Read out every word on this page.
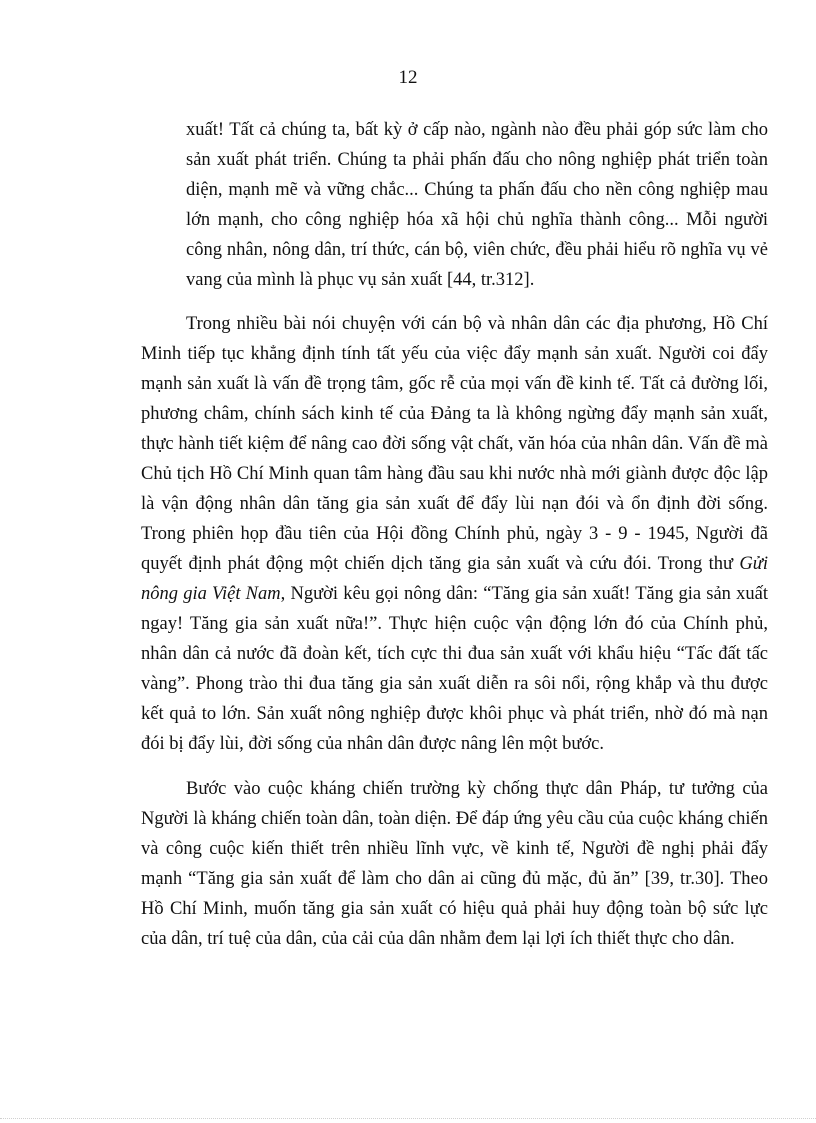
12

xuất! Tất cả chúng ta, bất kỳ ở cấp nào, ngành nào đều phải góp sức làm cho sản xuất phát triển. Chúng ta phải phấn đấu cho nông nghiệp phát triển toàn diện, mạnh mẽ và vững chắc... Chúng ta phấn đấu cho nền công nghiệp mau lớn mạnh, cho công nghiệp hóa xã hội chủ nghĩa thành công... Mỗi người công nhân, nông dân, trí thức, cán bộ, viên chức, đều phải hiểu rõ nghĩa vụ vẻ vang của mình là phục vụ sản xuất [44, tr.312].

Trong nhiều bài nói chuyện với cán bộ và nhân dân các địa phương, Hồ Chí Minh tiếp tục khẳng định tính tất yếu của việc đẩy mạnh sản xuất. Người coi đẩy mạnh sản xuất là vấn đề trọng tâm, gốc rễ của mọi vấn đề kinh tế. Tất cả đường lối, phương châm, chính sách kinh tế của Đảng ta là không ngừng đẩy mạnh sản xuất, thực hành tiết kiệm để nâng cao đời sống vật chất, văn hóa của nhân dân. Vấn đề mà Chủ tịch Hồ Chí Minh quan tâm hàng đầu sau khi nước nhà mới giành được độc lập là vận động nhân dân tăng gia sản xuất để đẩy lùi nạn đói và ổn định đời sống. Trong phiên họp đầu tiên của Hội đồng Chính phủ, ngày 3 - 9 - 1945, Người đã quyết định phát động một chiến dịch tăng gia sản xuất và cứu đói. Trong thư Gửi nông gia Việt Nam, Người kêu gọi nông dân: “Tăng gia sản xuất! Tăng gia sản xuất ngay! Tăng gia sản xuất nữa!”. Thực hiện cuộc vận động lớn đó của Chính phủ, nhân dân cả nước đã đoàn kết, tích cực thi đua sản xuất với khẩu hiệu “Tấc đất tấc vàng”. Phong trào thi đua tăng gia sản xuất diễn ra sôi nổi, rộng khắp và thu được kết quả to lớn. Sản xuất nông nghiệp được khôi phục và phát triển, nhờ đó mà nạn đói bị đẩy lùi, đời sống của nhân dân được nâng lên một bước.

Bước vào cuộc kháng chiến trường kỳ chống thực dân Pháp, tư tưởng của Người là kháng chiến toàn dân, toàn diện. Để đáp ứng yêu cầu của cuộc kháng chiến và công cuộc kiến thiết trên nhiều lĩnh vực, về kinh tế, Người đề nghị phải đẩy mạnh “Tăng gia sản xuất để làm cho dân ai cũng đủ mặc, đủ ăn” [39, tr.30]. Theo Hồ Chí Minh, muốn tăng gia sản xuất có hiệu quả phải huy động toàn bộ sức lực của dân, trí tuệ của dân, của cải của dân nhằm đem lại lợi ích thiết thực cho dân.
